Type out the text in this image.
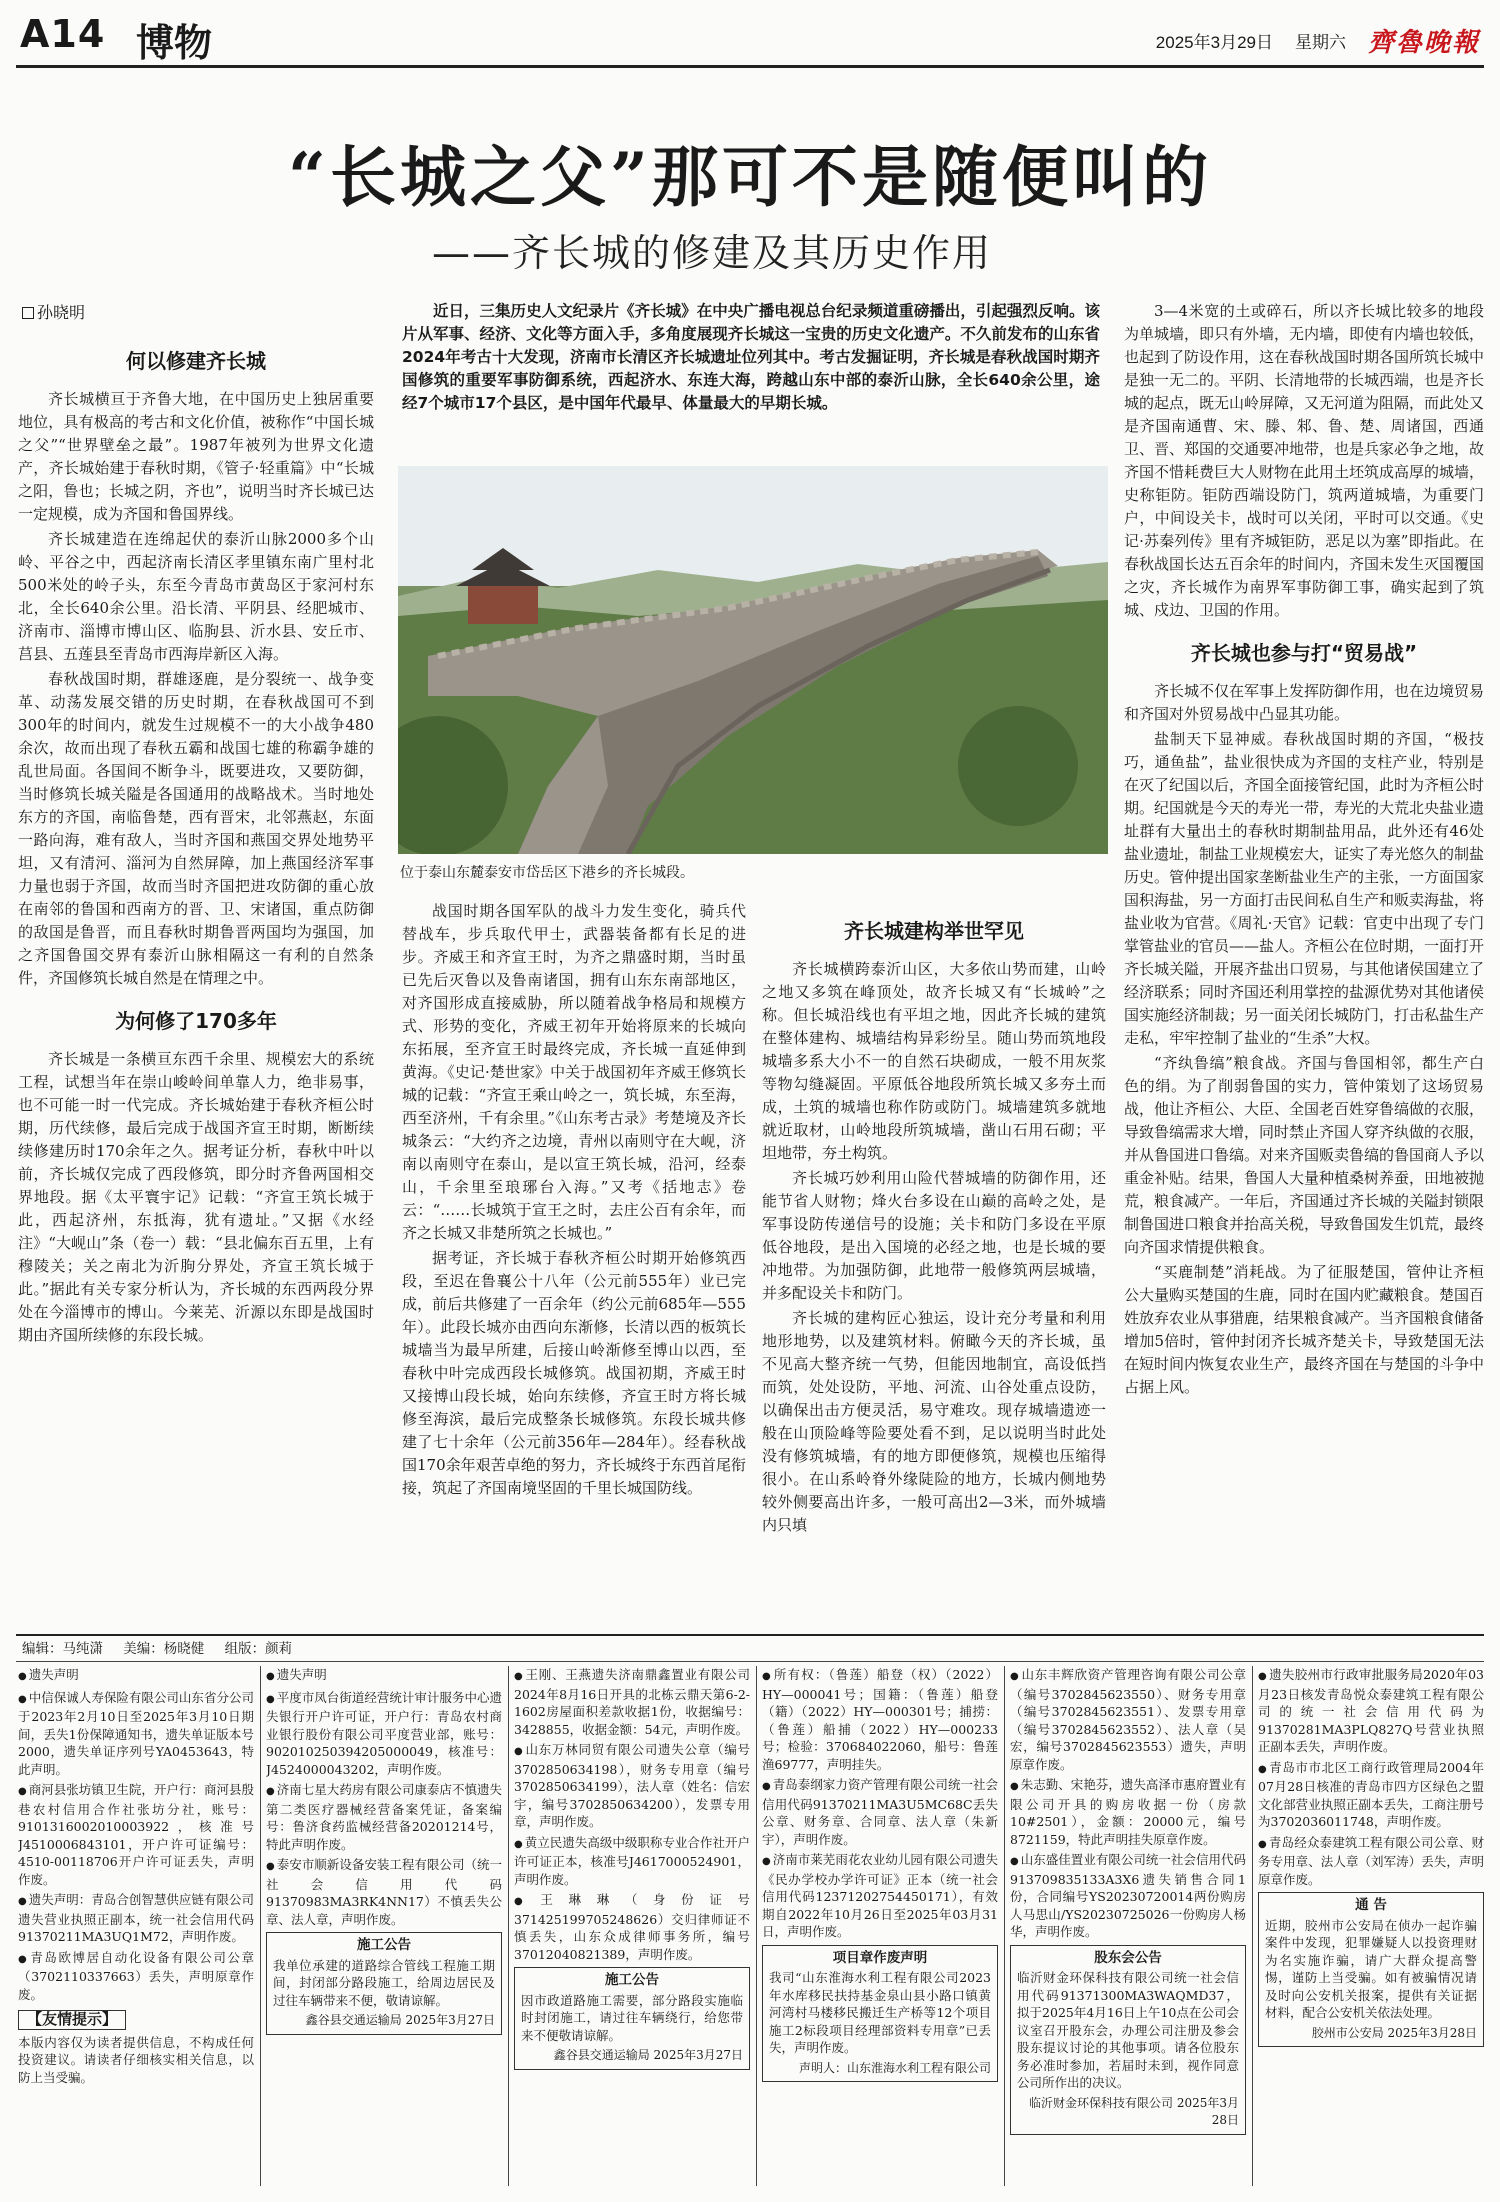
A14 博物	2025年3月29日 星期六 齊魯晚報
“长城之父”那可不是随便叫的
——齐长城的修建及其历史作用
孙晓明	近日，三集历史人文纪录片《齐长城》在中央广播电视总台纪录频道重磅播出，引起强烈反响。该片从军事、经济、文化等方面入手，多角度展现齐长城这一宝贵的历史文化遗产。不久前发布的山东省2024年考古十大发现，济南市长清区齐长城遗址位列其中。考古发掘证明，齐长城是春秋战国时期齐国修筑的重要军事防御系统，西起济水、东连大海，跨越山东中部的泰沂山脉，全长640余公里，途经7个城市17个县区，是中国年代最早、体量最大的早期长城。

位于泰山东麓泰安市岱岳区下港乡的齐长城段。
何以修建齐长城

齐长城横亘于齐鲁大地，在中国历史上独居重要地位，具有极高的考古和文化价值，被称作“中国长城之父”“世界壁垒之最”。1987年被列为世界文化遗产，齐长城始建于春秋时期，《管子·轻重篇》中“长城之阳，鲁也；长城之阴，齐也”，说明当时齐长城已达一定规模，成为齐国和鲁国界线。

齐长城建造在连绵起伏的泰沂山脉2000多个山岭、平谷之中，西起济南长清区孝里镇东南广里村北500米处的岭子头，东至今青岛市黄岛区于家河村东北，全长640余公里。沿长清、平阴县、经肥城市、济南市、淄博市博山区、临朐县、沂水县、安丘市、莒县、五莲县至青岛市西海岸新区入海。

春秋战国时期，群雄逐鹿，是分裂统一、战争变革、动荡发展交错的历史时期，在春秋战国可不到300年的时间内，就发生过规模不一的大小战争480余次，故而出现了春秋五霸和战国七雄的称霸争雄的乱世局面。各国间不断争斗，既要进攻，又要防御，当时修筑长城关隘是各国通用的战略战术。当时地处东方的齐国，南临鲁楚，西有晋宋，北邻燕赵，东面一路向海，难有敌人，当时齐国和燕国交界处地势平坦，又有清河、淄河为自然屏障，加上燕国经济军事力量也弱于齐国，故而当时齐国把进攻防御的重心放在南邻的鲁国和西南方的晋、卫、宋诸国，重点防御的敌国是鲁晋，而且春秋时期鲁晋两国均为强国，加之齐国鲁国交界有泰沂山脉相隔这一有利的自然条件，齐国修筑长城自然是在情理之中。

为何修了170多年

齐长城是一条横亘东西千余里、规模宏大的系统工程，试想当年在崇山峻岭间单靠人力，绝非易事，也不可能一时一代完成。齐长城始建于春秋齐桓公时期，历代续修，最后完成于战国齐宣王时期，断断续续修建历时170余年之久。据考证分析，春秋中叶以前，齐长城仅完成了西段修筑，即分时齐鲁两国相交界地段。据《太平寰宇记》记载：“齐宣王筑长城于此，西起济州，东抵海，犹有遗址。”又据《水经注》“大岘山”条（卷一）载：“县北偏东百五里，上有穆陵关；关之南北为沂朐分界处，齐宣王筑长城于此。”据此有关专家分析认为，齐长城的东西两段分界处在今淄博市的博山。今莱芜、沂源以东即是战国时期由齐国所续修的东段长城。

战国时期各国军队的战斗力发生变化，骑兵代替战车，步兵取代甲士，武器装备都有长足的进步。齐威王和齐宣王时，为齐之鼎盛时期，当时虽已先后灭鲁以及鲁南诸国，拥有山东东南部地区，对齐国形成直接威胁，所以随着战争格局和规模方式、形势的变化，齐威王初年开始将原来的长城向东拓展，至齐宣王时最终完成，齐长城一直延伸到黄海。《史记·楚世家》中关于战国初年齐威王修筑长城的记载：“齐宣王乘山岭之一，筑长城，东至海，西至济州，千有余里。”《山东考古录》考楚境及齐长城条云：“大约齐之边境，青州以南则守在大岘，济南以南则守在泰山，是以宣王筑长城，沿河，经泰山，千余里至琅琊台入海。”又考《括地志》卷云：“……长城筑于宣王之时，去庄公百有余年，而齐之长城又非楚所筑之长城也。”

据考证，齐长城于春秋齐桓公时期开始修筑西段，至迟在鲁襄公十八年（公元前555年）业已完成，前后共修建了一百余年（约公元前685年—555年）。此段长城亦由西向东渐修，长清以西的板筑长城墙当为最早所建，后接山岭渐修至博山以西，至春秋中叶完成西段长城修筑。战国初期，齐威王时又接博山段长城，始向东续修，齐宣王时方将长城修至海滨，最后完成整条长城修筑。东段长城共修建了七十余年（公元前356年—284年）。经春秋战国170余年艰苦卓绝的努力，齐长城终于东西首尾衔接，筑起了齐国南境坚固的千里长城国防线。

齐长城建构举世罕见

齐长城横跨泰沂山区，大多依山势而建，山岭之地又多筑在峰顶处，故齐长城又有“长城岭”之称。但长城沿线也有平坦之地，因此齐长城的建筑在整体建构、城墙结构异彩纷呈。随山势而筑地段城墙多系大小不一的自然石块砌成，一般不用灰浆等物勾缝凝固。平原低谷地段所筑长城又多夯土而成，土筑的城墙也称作防或防门。城墙建筑多就地就近取材，山岭地段所筑城墙，凿山石用石砌；平坦地带，夯土构筑。

齐长城巧妙利用山险代替城墙的防御作用，还能节省人财物；烽火台多设在山巅的高岭之处，是军事设防传递信号的设施；关卡和防门多设在平原低谷地段，是出入国境的必经之地，也是长城的要冲地带。为加强防御，此地带一般修筑两层城墙，并多配设关卡和防门。

齐长城的建构匠心独运，设计充分考量和利用地形地势，以及建筑材料。俯瞰今天的齐长城，虽不见高大整齐统一气势，但能因地制宜，高设低挡而筑，处处设防，平地、河流、山谷处重点设防，以确保出击方便灵活，易守难攻。现存城墙遗迹一般在山顶险峰等险要处看不到，足以说明当时此处没有修筑城墙，有的地方即便修筑，规模也压缩得很小。在山系岭脊外缘陡险的地方，长城内侧地势较外侧要高出许多，一般可高出2—3米，而外城墙内只填

3—4米宽的土或碎石，所以齐长城比较多的地段为单城墙，即只有外墙，无内墙，即使有内墙也较低，也起到了防设作用，这在春秋战国时期各国所筑长城中是独一无二的。平阴、长清地带的长城西端，也是齐长城的起点，既无山岭屏障，又无河道为阻隔，而此处又是齐国南通曹、宋、滕、邾、鲁、楚、周诸国，西通卫、晋、郑国的交通要冲地带，也是兵家必争之地，故齐国不惜耗费巨大人财物在此用土坯筑成高厚的城墙，史称钜防。钜防西端设防门，筑两道城墙，为重要门户，中间设关卡，战时可以关闭，平时可以交通。《史记·苏秦列传》里有齐城钜防，恶足以为塞”即指此。在春秋战国长达五百余年的时间内，齐国未发生灭国覆国之灾，齐长城作为南界军事防御工事，确实起到了筑城、戍边、卫国的作用。

齐长城也参与打“贸易战”

齐长城不仅在军事上发挥防御作用，也在边境贸易和齐国对外贸易战中凸显其功能。

盐制天下显神威。春秋战国时期的齐国，“极技巧，通鱼盐”，盐业很快成为齐国的支柱产业，特别是在灭了纪国以后，齐国全面接管纪国，此时为齐桓公时期。纪国就是今天的寿光一带，寿光的大荒北央盐业遗址群有大量出土的春秋时期制盐用品，此外还有46处盐业遗址，制盐工业规模宏大，证实了寿光悠久的制盐历史。管仲提出国家垄断盐业生产的主张，一方面国家国积海盐，另一方面打击民间私自生产和贩卖海盐，将盐业收为官营。《周礼·天官》记载：官吏中出现了专门掌管盐业的官员——盐人。齐桓公在位时期，一面打开齐长城关隘，开展齐盐出口贸易，与其他诸侯国建立了经济联系；同时齐国还利用掌控的盐源优势对其他诸侯国实施经济制裁；另一面关闭长城防门，打击私盐生产走私，牢牢控制了盐业的“生杀”大权。

“齐纨鲁缟”粮食战。齐国与鲁国相邻，都生产白色的绢。为了削弱鲁国的实力，管仲策划了这场贸易战，他让齐桓公、大臣、全国老百姓穿鲁缟做的衣服，导致鲁缟需求大增，同时禁止齐国人穿齐纨做的衣服，并从鲁国进口鲁缟。对来齐国贩卖鲁缟的鲁国商人予以重金补贴。结果，鲁国人大量种植桑树养蚕，田地被抛荒，粮食减产。一年后，齐国通过齐长城的关隘封锁限制鲁国进口粮食并抬高关税，导致鲁国发生饥荒，最终向齐国求情提供粮食。

“买鹿制楚”消耗战。为了征服楚国，管仲让齐桓公大量购买楚国的生鹿，同时在国内贮藏粮食。楚国百姓放弃农业从事猎鹿，结果粮食减产。当齐国粮食储备增加5倍时，管仲封闭齐长城齐楚关卡，导致楚国无法在短时间内恢复农业生产，最终齐国在与楚国的斗争中占据上风。

编辑：马纯潇 美编：杨晓健 组版：颜莉

● 遗失声明

● 中信保诚人寿保险有限公司山东省分公司于2023年2月10日至2025年3月10日期间，丢失1份保障通知书，遗失单证版本号2000，遗失单证序列号YA0453643，特此声明。

● 商河县张坊镇卫生院，开户行：商河县殷巷农村信用合作社张坊分社，账号：9101316002010003922，核准号J4510006843101，开户许可证编号：4510-00118706开户许可证丢失，声明作废。

● 遗失声明：青岛合创智慧供应链有限公司遗失营业执照正副本，统一社会信用代码91370211MA3UQ1M72，声明作废。

● 青岛欧博居自动化设备有限公司公章（3702110337663）丢失，声明原章作废。

【友情提示】

本版内容仅为读者提供信息，不构成任何投资建议。请读者仔细核实相关信息，以防上当受骗。

● 遗失声明

● 平度市凤台街道经营统计审计服务中心遗失银行开户许可证，开户行：青岛农村商业银行股份有限公司平度营业部，账号：902010250394205000049，核准号：J4524000043202，声明作废。

● 济南七星大药房有限公司康泰店不慎遗失第二类医疗器械经营备案凭证，备案编号：鲁济食药监械经营备20201214号，特此声明作废。

● 泰安市顺新设备安装工程有限公司（统一社会信用代码91370983MA3RK4NN17）不慎丢失公章、法人章，声明作废。

施工公告

我单位承建的道路综合管线工程施工期间，封闭部分路段施工，给周边居民及过往车辆带来不便，敬请谅解。

鑫谷县交通运输局 2025年3月27日

● 王刚、王燕遗失济南鼎鑫置业有限公司2024年8月16日开具的北栋云鼎天第6-2-1602房屋面积差款收据1份，收据编号：3428855，收据金额：54元，声明作废。

● 山东万林同贸有限公司遗失公章（编号3702850634198），财务专用章（编号3702850634199），法人章（姓名：信宏宇，编号3702850634200），发票专用章，声明作废。

● 黄立民遗失高级中级职称专业合作社开户许可证正本，核准号J4617000524901，声明作废。

● 王琳琳（身份证号371425199705248626）交归律师证不慎丢失，山东众成律师事务所，编号37012040821389，声明作废。

施工公告

因市政道路施工需要，部分路段实施临时封闭施工，请过往车辆绕行，给您带来不便敬请谅解。

鑫谷县交通运输局 2025年3月27日

● 所有权：（鲁莲）船登（权）（2022）HY—000041号；国籍：（鲁莲）船登（籍）（2022）HY—000301号；捕捞：（鲁莲）船捕（2022）HY—000233号；检验：370684022060，船号：鲁莲渔69777，声明挂失。

● 青岛泰纲家力资产管理有限公司统一社会信用代码91370211MA3U5MC68C丢失公章、财务章、合同章、法人章（朱新宇），声明作废。

● 济南市莱芜雨花农业幼儿园有限公司遗失《民办学校办学许可证》正本（统一社会信用代码12371202754450171），有效期自2022年10月26日至2025年03月31日，声明作废。

项目章作废声明

我司“山东淮海水利工程有限公司2023年水库移民扶持基金泉山县小路口镇黄河湾村马楼移民搬迁生产桥等12个项目施工2标段项目经理部资料专用章”已丢失，声明作废。

声明人：山东淮海水利工程有限公司

● 山东丰辉欣资产管理咨询有限公司公章（编号3702845623550）、财务专用章（编号3702845623551）、发票专用章（编号3702845623552）、法人章（吴宏，编号3702845623553）遗失，声明原章作废。

● 朱志勤、宋艳芬，遗失高泽市惠府置业有限公司开具的购房收据一份（房款10#2501），金额：20000元，编号8721159，特此声明挂失原章作废。

● 山东盛佳置业有限公司统一社会信用代码913709835133A3X6遗失销售合同1份，合同编号YS20230720014两份购房人马思山/YS20230725026一份购房人杨华，声明作废。

股东会公告

临沂财金环保科技有限公司统一社会信用代码91371300MA3WAQMD37，拟于2025年4月16日上午10点在公司会议室召开股东会，办理公司注册及参会股东提议讨论的其他事项。请各位股东务必准时参加，若届时未到，视作同意公司所作出的决议。

临沂财金环保科技有限公司 2025年3月28日

● 遗失胶州市行政审批服务局2020年03月23日核发青岛悦众泰建筑工程有限公司的统一社会信用代码为91370281MA3PLQ827Q号营业执照正副本丢失，声明作废。

● 青岛市市北区工商行政管理局2004年07月28日核准的青岛市四方区绿色之盟文化部营业执照正副本丢失，工商注册号为3702036011748，声明作废。

● 青岛经众泰建筑工程有限公司公章、财务专用章、法人章（刘军涛）丢失，声明原章作废。

通 告

近期，胶州市公安局在侦办一起诈骗案件中发现，犯罪嫌疑人以投资理财为名实施诈骗，请广大群众提高警惕，谨防上当受骗。如有被骗情况请及时向公安机关报案，提供有关证据材料，配合公安机关依法处理。

胶州市公安局 2025年3月28日
